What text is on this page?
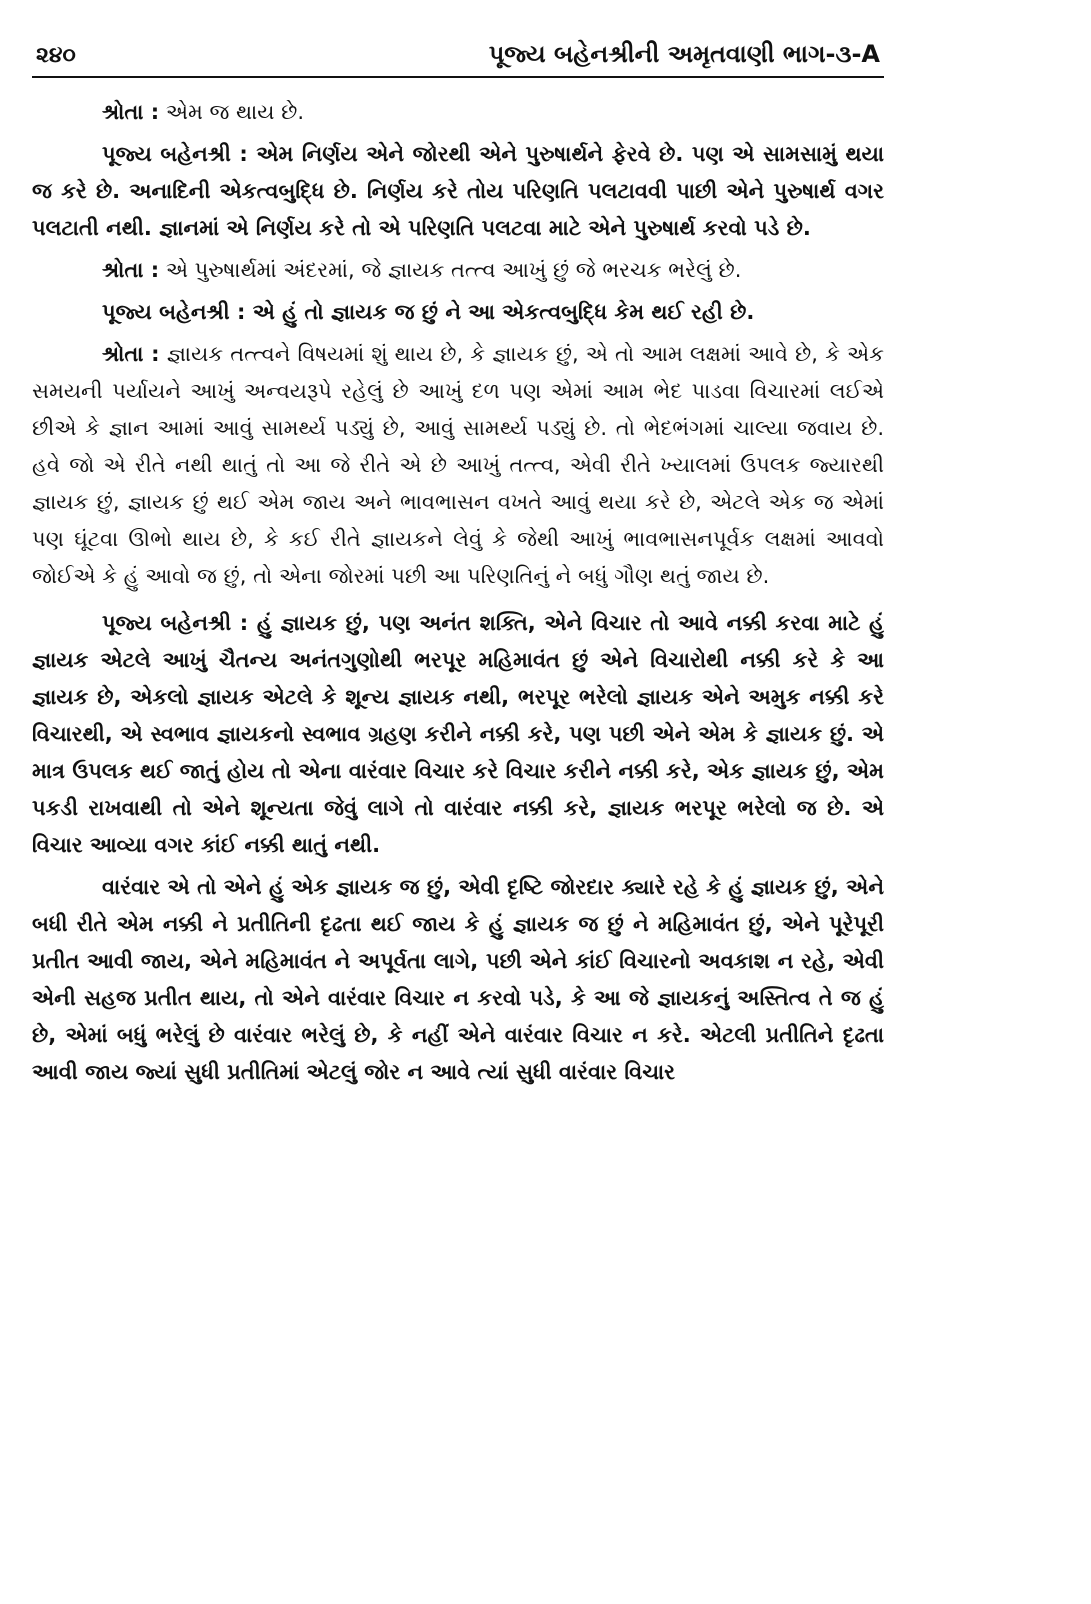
૨૪૦	પૂજ્ય બહેનશ્રીની અમૃતવાણી ભાગ-૩-A

શ્રોતા : એમ જ થાય છે.

પૂજ્ય બહેનશ્રી : એમ નિર્ણય એને જોરથી એને પુરુષાર્થને ફેરવે છે. પણ એ સામસામું થયા જ કરે છે. અનાદિની એકત્વબુદ્ધિ છે. નિર્ણય કરે તોય પરિણતિ પલટાવવી પાછી એને પુરુષાર્થ વગર પલટાતી નથી. જ્ઞાનમાં એ નિર્ણય કરે તો એ પરિણતિ પલટવા માટે એને પુરુષાર્થ કરવો પડે છે.

શ્રોતા : એ પુરુષાર્થમાં અંદરમાં, જે જ્ઞાયક તત્ત્વ આખું છું જે ભરચક ભરેલું છે.

પૂજ્ય બહેનશ્રી : એ હું તો જ્ઞાયક જ છું ને આ એકત્વબુદ્ધિ કેમ થઈ રહી છે.

શ્રોતા : જ્ઞાયક તત્ત્વને વિષયમાં શું થાય છે, કે જ્ઞાયક છું, એ તો આમ લક્ષમાં આવે છે, કે એક સમયની પર્યાયને આખું અન્વયરૂપે રહેલું છે આખું દળ પણ એમાં આમ ભેદ પાડવા વિચારમાં લઈએ છીએ કે જ્ઞાન આમાં આવું સામર્થ્ય પડ્યું છે, આવું સામર્થ્ય પડ્યું છે. તો ભેદભંગમાં ચાલ્યા જવાય છે. હવે જો એ રીતે નથી થાતું તો આ જે રીતે એ છે આખું તત્ત્વ, એવી રીતે ખ્યાલમાં ઉપલક જ્યારથી જ્ઞાયક છું, જ્ઞાયક છું થઈ એમ જાય અને ભાવભાસન વખતે આવું થયા કરે છે, એટલે એક જ એમાં પણ ઘૂંટવા ઊભો થાય છે, કે કઈ રીતે જ્ઞાયકને લેવું કે જેથી આખું ભાવભાસનપૂર્વક લક્ષમાં આવવો જોઈએ કે હું આવો જ છું, તો એના જોરમાં પછી આ પરિણતિનું ને બધું ગૌણ થતું જાય છે.

પૂજ્ય બહેનશ્રી : હું જ્ઞાયક છું, પણ અનંત શક્તિ, એને વિચાર તો આવે નક્કી કરવા માટે હું જ્ઞાયક એટલે આખું ચૈતન્ય અનંતગુણોથી ભરપૂર મહિમાવંત છું એને વિચારોથી નક્કી કરે કે આ જ્ઞાયક છે, એકલો જ્ઞાયક એટલે કે શૂન્ય જ્ઞાયક નથી, ભરપૂર ભરેલો જ્ઞાયક એને અમુક નક્કી કરે વિચારથી, એ સ્વભાવ જ્ઞાયકનો સ્વભાવ ગ્રહણ કરીને નક્કી કરે, પણ પછી એને એમ કે જ્ઞાયક છું. એ માત્ર ઉપલક થઈ જાતું હોય તો એના વારંવાર વિચાર કરે વિચાર કરીને નક્કી કરે, એક જ્ઞાયક છું, એમ પકડી રાખવાથી તો એને શૂન્યતા જેવું લાગે તો વારંવાર નક્કી કરે, જ્ઞાયક ભરપૂર ભરેલો જ છે. એ વિચાર આવ્યા વગર કાંઈ નક્કી થાતું નથી.

વારંવાર એ તો એને હું એક જ્ઞાયક જ છું, એવી દૃષ્ટિ જોરદાર ક્યારે રહે કે હું જ્ઞાયક છું, એને બધી રીતે એમ નક્કી ને પ્રતીતિની દૃઢતા થઈ જાય કે હું જ્ઞાયક જ છું ને મહિમાવંત છું, એને પૂરેપૂરી પ્રતીત આવી જાય, એને મહિમાવંત ને અપૂર્વતા લાગે, પછી એને કાંઈ વિચારનો અવકાશ ન રહે, એવી એની સહજ પ્રતીત થાય, તો એને વારંવાર વિચાર ન કરવો પડે, કે આ જે જ્ઞાયકનું અસ્તિત્વ તે જ હું છે, એમાં બધું ભરેલું છે વારંવાર ભરેલું છે, કે નહીં એને વારંવાર વિચાર ન કરે. એટલી પ્રતીતિને દૃઢતા આવી જાય જ્યાં સુધી પ્રતીતિમાં એટલું જોર ન આવે ત્યાં સુધી વારંવાર વિચાર
